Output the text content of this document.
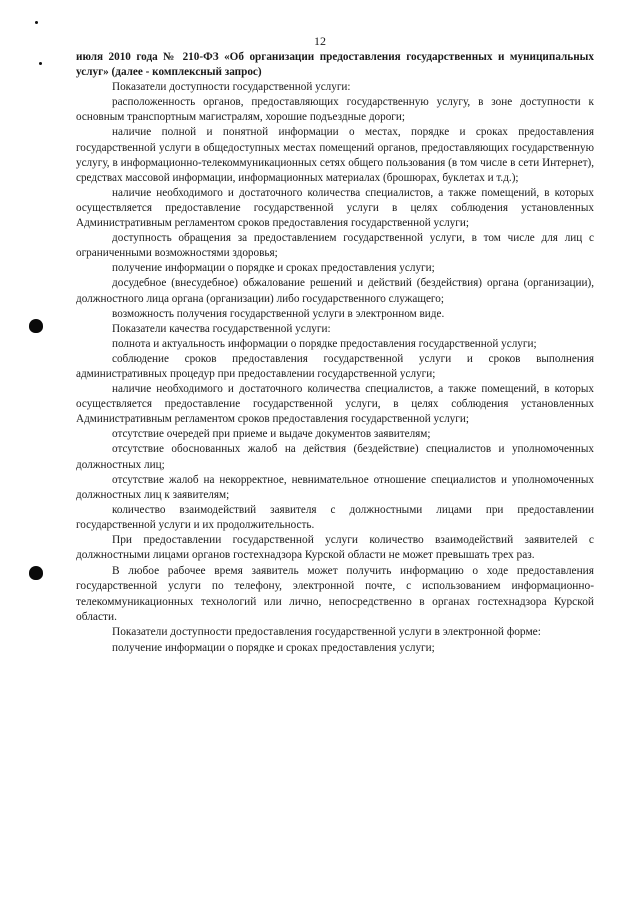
12

июля 2010 года № 210-ФЗ «Об организации предоставления государственных и муниципальных услуг» (далее - комплексный запрос)

Показатели доступности государственной услуги:

расположенность органов, предоставляющих государственную услугу, в зоне доступности к основным транспортным магистралям, хорошие подъездные дороги;

наличие полной и понятной информации о местах, порядке и сроках предоставления государственной услуги в общедоступных местах помещений органов, предоставляющих государственную услугу, в информационно-телекоммуникационных сетях общего пользования (в том числе в сети Интернет), средствах массовой информации, информационных материалах (брошюрах, буклетах и т.д.);

наличие необходимого и достаточного количества специалистов, а также помещений, в которых осуществляется предоставление государственной услуги в целях соблюдения установленных Административным регламентом сроков предоставления государственной услуги;

доступность обращения за предоставлением государственной услуги, в том числе для лиц с ограниченными возможностями здоровья;

получение информации о порядке и сроках предоставления услуги;

досудебное (внесудебное) обжалование решений и действий (бездействия) органа (организации), должностного лица органа (организации) либо государственного служащего;

возможность получения государственной услуги в электронном виде.

Показатели качества государственной услуги:

полнота и актуальность информации о порядке предоставления государственной услуги;

соблюдение сроков предоставления государственной услуги и сроков выполнения административных процедур при предоставлении государственной услуги;

наличие необходимого и достаточного количества специалистов, а также помещений, в которых осуществляется предоставление государственной услуги, в целях соблюдения установленных Административным регламентом сроков предоставления государственной услуги;

отсутствие очередей при приеме и выдаче документов заявителям;

отсутствие обоснованных жалоб на действия (бездействие) специалистов и уполномоченных должностных лиц;

отсутствие жалоб на некорректное, невнимательное отношение специалистов и уполномоченных должностных лиц к заявителям;

количество взаимодействий заявителя с должностными лицами при предоставлении государственной услуги и их продолжительность.

При предоставлении государственной услуги количество взаимодействий заявителей с должностными лицами органов гостехнадзора Курской области не может превышать трех раз.

В любое рабочее время заявитель может получить информацию о ходе предоставления государственной услуги по телефону, электронной почте, с использованием информационно-телекоммуникационных технологий или лично, непосредственно в органах гостехнадзора Курской области.

Показатели доступности предоставления государственной услуги в электронной форме:

получение информации о порядке и сроках предоставления услуги;
